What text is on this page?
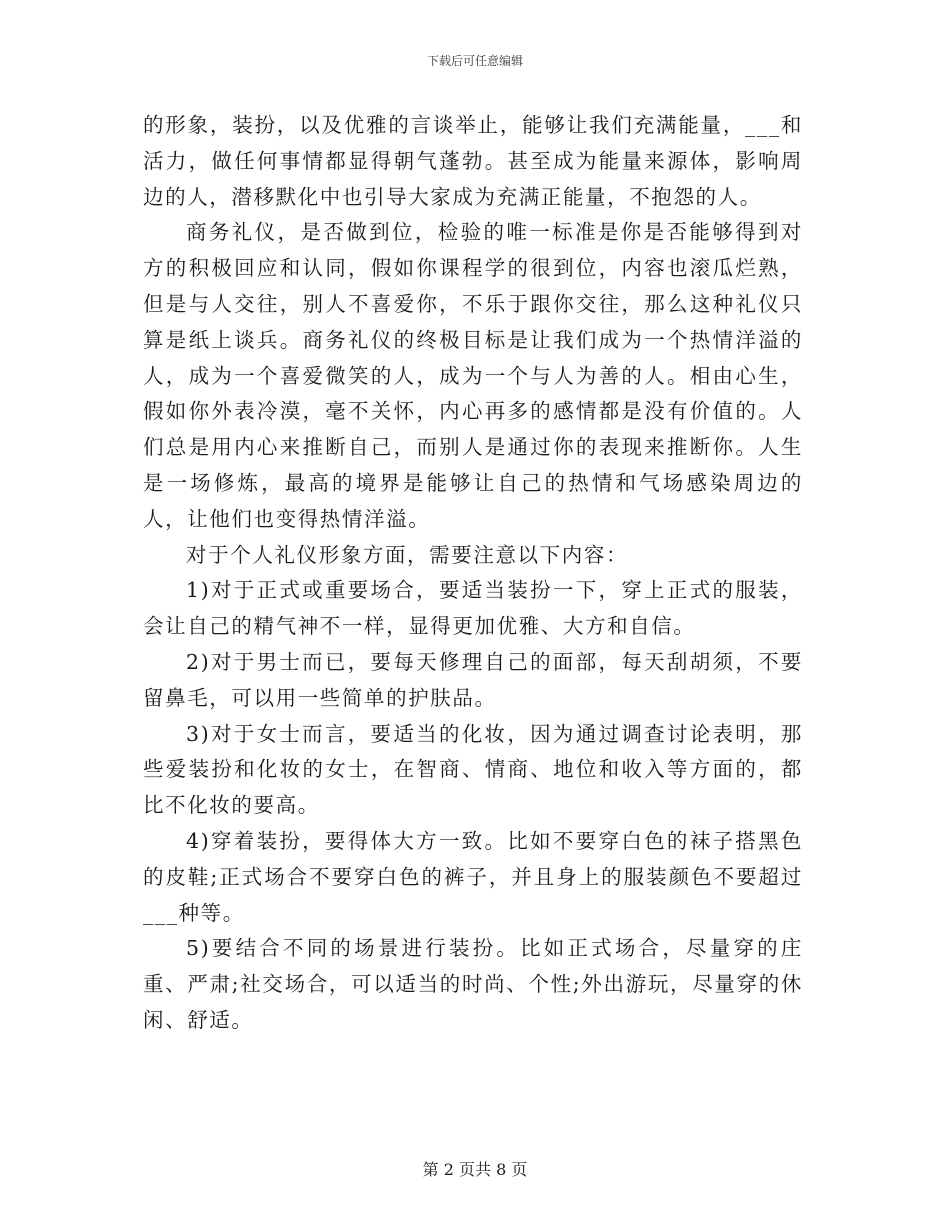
下载后可任意编辑

的形象，装扮，以及优雅的言谈举止，能够让我们充满能量，___和活力，做任何事情都显得朝气蓬勃。甚至成为能量来源体，影响周边的人，潜移默化中也引导大家成为充满正能量，不抱怨的人。

商务礼仪，是否做到位，检验的唯一标准是你是否能够得到对方的积极回应和认同，假如你课程学的很到位，内容也滚瓜烂熟，但是与人交往，别人不喜爱你，不乐于跟你交往，那么这种礼仪只算是纸上谈兵。商务礼仪的终极目标是让我们成为一个热情洋溢的人，成为一个喜爱微笑的人，成为一个与人为善的人。相由心生，假如你外表冷漠，毫不关怀，内心再多的感情都是没有价值的。人们总是用内心来推断自己，而别人是通过你的表现来推断你。人生是一场修炼，最高的境界是能够让自己的热情和气场感染周边的人，让他们也变得热情洋溢。

对于个人礼仪形象方面，需要注意以下内容：

1)对于正式或重要场合，要适当装扮一下，穿上正式的服装，会让自己的精气神不一样，显得更加优雅、大方和自信。

2)对于男士而已，要每天修理自己的面部，每天刮胡须，不要留鼻毛，可以用一些简单的护肤品。

3)对于女士而言，要适当的化妆，因为通过调查讨论表明，那些爱装扮和化妆的女士，在智商、情商、地位和收入等方面的，都比不化妆的要高。

4)穿着装扮，要得体大方一致。比如不要穿白色的袜子搭黑色的皮鞋;正式场合不要穿白色的裤子，并且身上的服装颜色不要超过___种等。

5)要结合不同的场景进行装扮。比如正式场合，尽量穿的庄重、严肃;社交场合，可以适当的时尚、个性;外出游玩，尽量穿的休闲、舒适。

第 2 页共 8 页
